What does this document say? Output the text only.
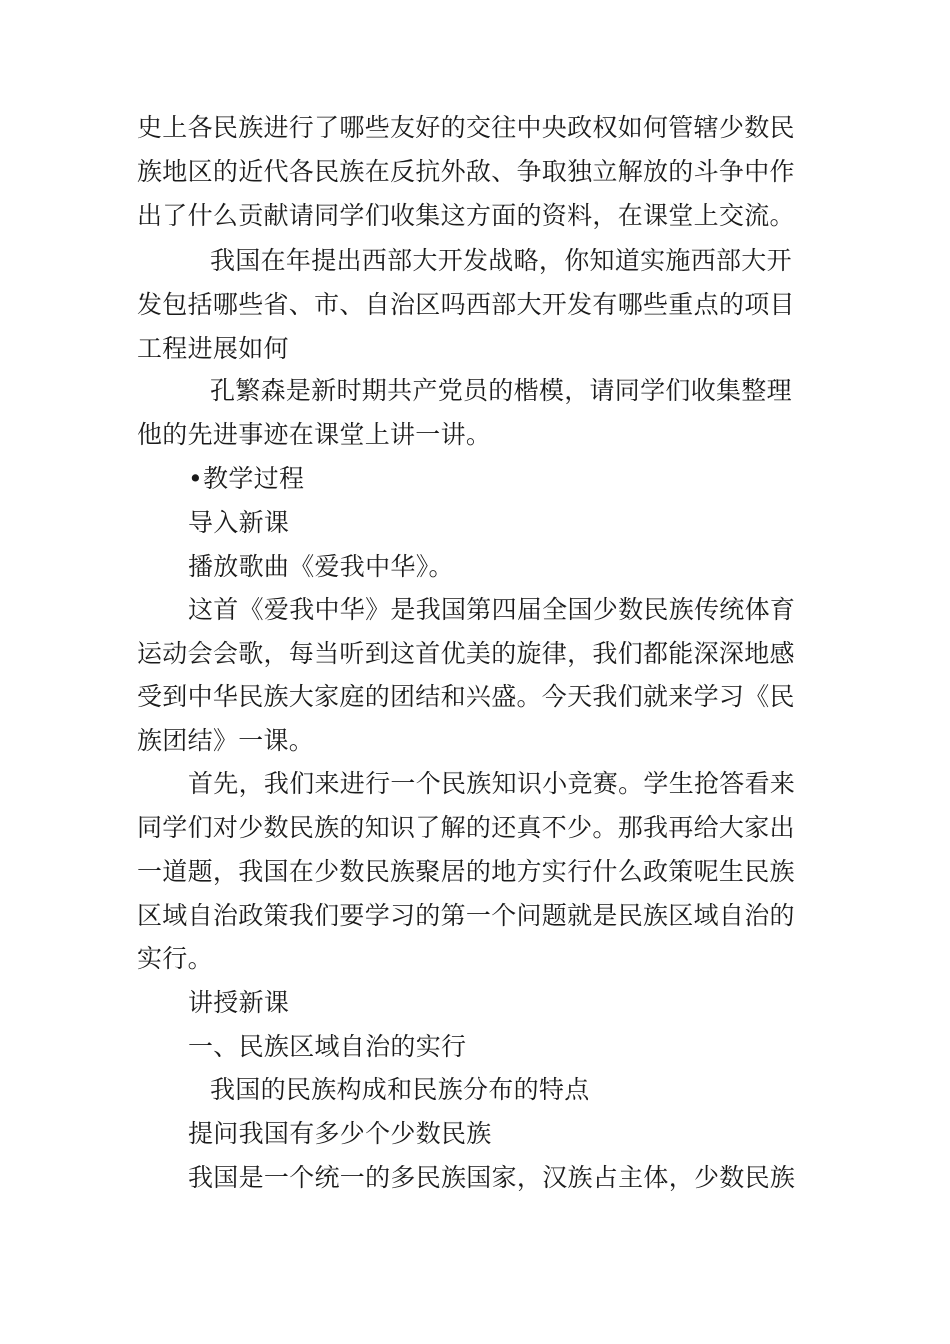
史上各民族进行了哪些友好的交往中央政权如何管辖少数民
族地区的近代各民族在反抗外敌、争取独立解放的斗争中作
出了什么贡献请同学们收集这方面的资料，在课堂上交流。
我国在年提出西部大开发战略，你知道实施西部大开
发包括哪些省、市、自治区吗西部大开发有哪些重点的项目
工程进展如何
孔繁森是新时期共产党员的楷模，请同学们收集整理
他的先进事迹在课堂上讲一讲。
•教学过程
导入新课
播放歌曲《爱我中华》。
这首《爱我中华》是我国第四届全国少数民族传统体育
运动会会歌，每当听到这首优美的旋律，我们都能深深地感
受到中华民族大家庭的团结和兴盛。今天我们就来学习《民
族团结》一课。
首先，我们来进行一个民族知识小竞赛。学生抢答看来
同学们对少数民族的知识了解的还真不少。那我再给大家出
一道题，我国在少数民族聚居的地方实行什么政策呢生民族
区域自治政策我们要学习的第一个问题就是民族区域自治的
实行。
讲授新课
一、民族区域自治的实行
我国的民族构成和民族分布的特点
提问我国有多少个少数民族
我国是一个统一的多民族国家，汉族占主体，少数民族
